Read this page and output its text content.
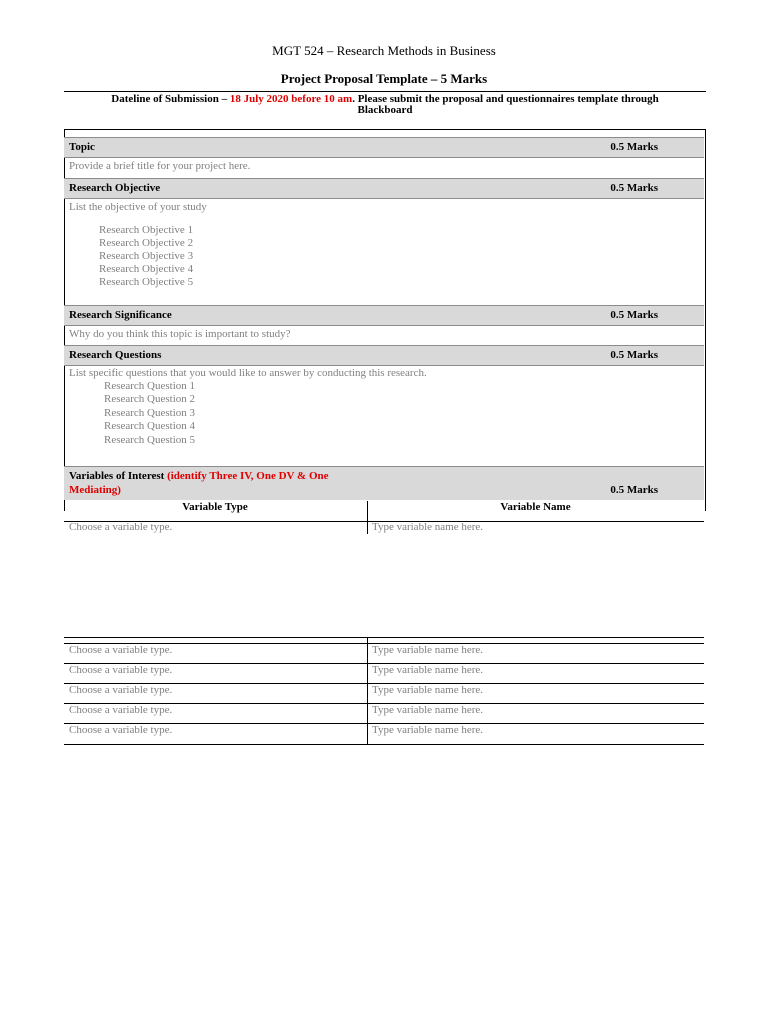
MGT 524 – Research Methods in Business
Project Proposal Template – 5 Marks
Dateline of Submission – 18 July 2020 before 10 am. Please submit the proposal and questionnaires template through
Blackboard
Topic	0.5 Marks
Provide a brief title for your project here.
Research Objective	0.5 Marks
List the objective of your study
Research Objective 1
Research Objective 2
Research Objective 3
Research Objective 4
Research Objective 5
Research Significance	0.5 Marks
Why do you think this topic is important to study?
Research Questions	0.5 Marks
List specific questions that you would like to answer by conducting this research.
Research Question 1
Research Question 2
Research Question 3
Research Question 4
Research Question 5
Variables of Interest (identify Three IV, One DV & One
Mediating)	0.5 Marks
Variable Type	Variable Name
Choose a variable type.	Type variable name here.
Choose a variable type.	Type variable name here.
Choose a variable type.	Type variable name here.
Choose a variable type.	Type variable name here.
Choose a variable type.	Type variable name here.
Choose a variable type.	Type variable name here.
